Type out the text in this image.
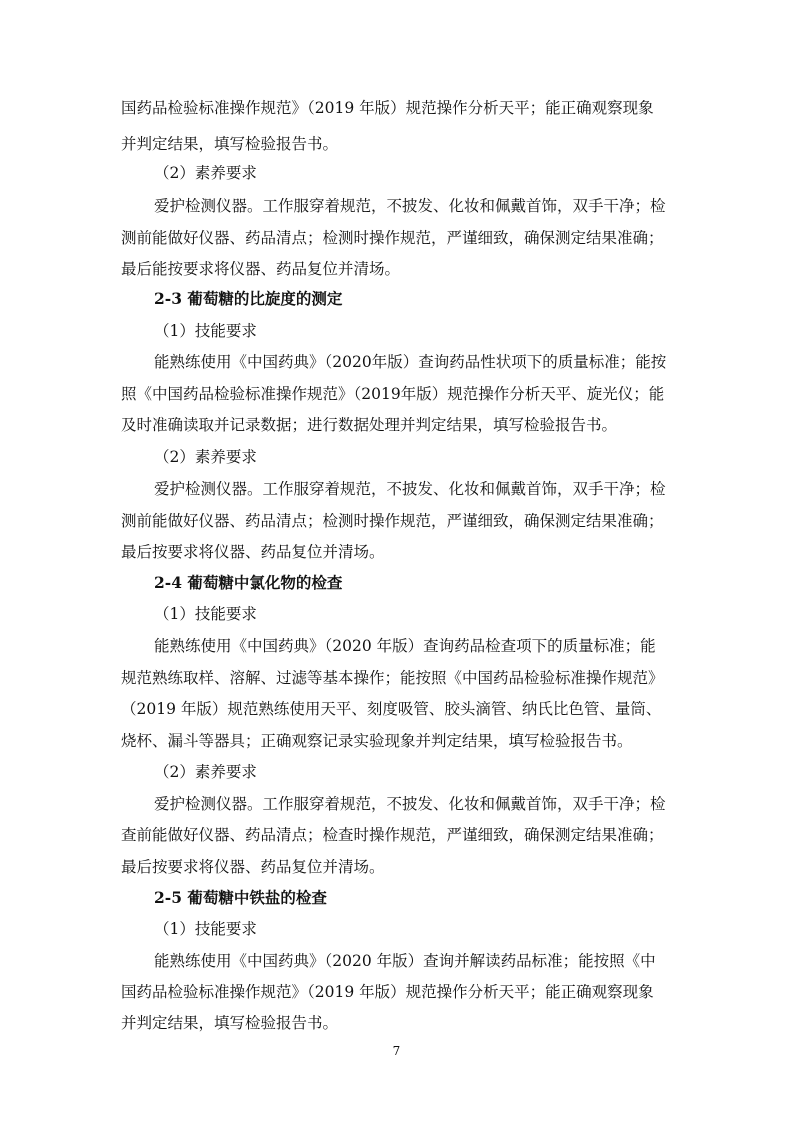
国药品检验标准操作规范》（2019 年版）规范操作分析天平；能正确观察现象
并判定结果，填写检验报告书。
（2）素养要求
爱护检测仪器。工作服穿着规范，不披发、化妆和佩戴首饰，双手干净；检
测前能做好仪器、药品清点；检测时操作规范，严谨细致，确保测定结果准确；
最后能按要求将仪器、药品复位并清场。
2-3 葡萄糖的比旋度的测定
（1）技能要求
能熟练使用《中国药典》（2020年版）查询药品性状项下的质量标准；能按
照《中国药品检验标准操作规范》（2019年版）规范操作分析天平、旋光仪；能
及时准确读取并记录数据；进行数据处理并判定结果，填写检验报告书。
（2）素养要求
爱护检测仪器。工作服穿着规范，不披发、化妆和佩戴首饰，双手干净；检
测前能做好仪器、药品清点；检测时操作规范，严谨细致，确保测定结果准确；
最后按要求将仪器、药品复位并清场。
2-4 葡萄糖中氯化物的检查
（1）技能要求
能熟练使用《中国药典》（2020 年版）查询药品检查项下的质量标准；能
规范熟练取样、溶解、过滤等基本操作；能按照《中国药品检验标准操作规范》
（2019 年版）规范熟练使用天平、刻度吸管、胶头滴管、纳氏比色管、量筒、
烧杯、漏斗等器具；正确观察记录实验现象并判定结果，填写检验报告书。
（2）素养要求
爱护检测仪器。工作服穿着规范，不披发、化妆和佩戴首饰，双手干净；检
查前能做好仪器、药品清点；检查时操作规范，严谨细致，确保测定结果准确；
最后按要求将仪器、药品复位并清场。
2-5 葡萄糖中铁盐的检查
（1）技能要求
能熟练使用《中国药典》（2020 年版）查询并解读药品标准；能按照《中
国药品检验标准操作规范》（2019 年版）规范操作分析天平；能正确观察现象
并判定结果，填写检验报告书。
7
